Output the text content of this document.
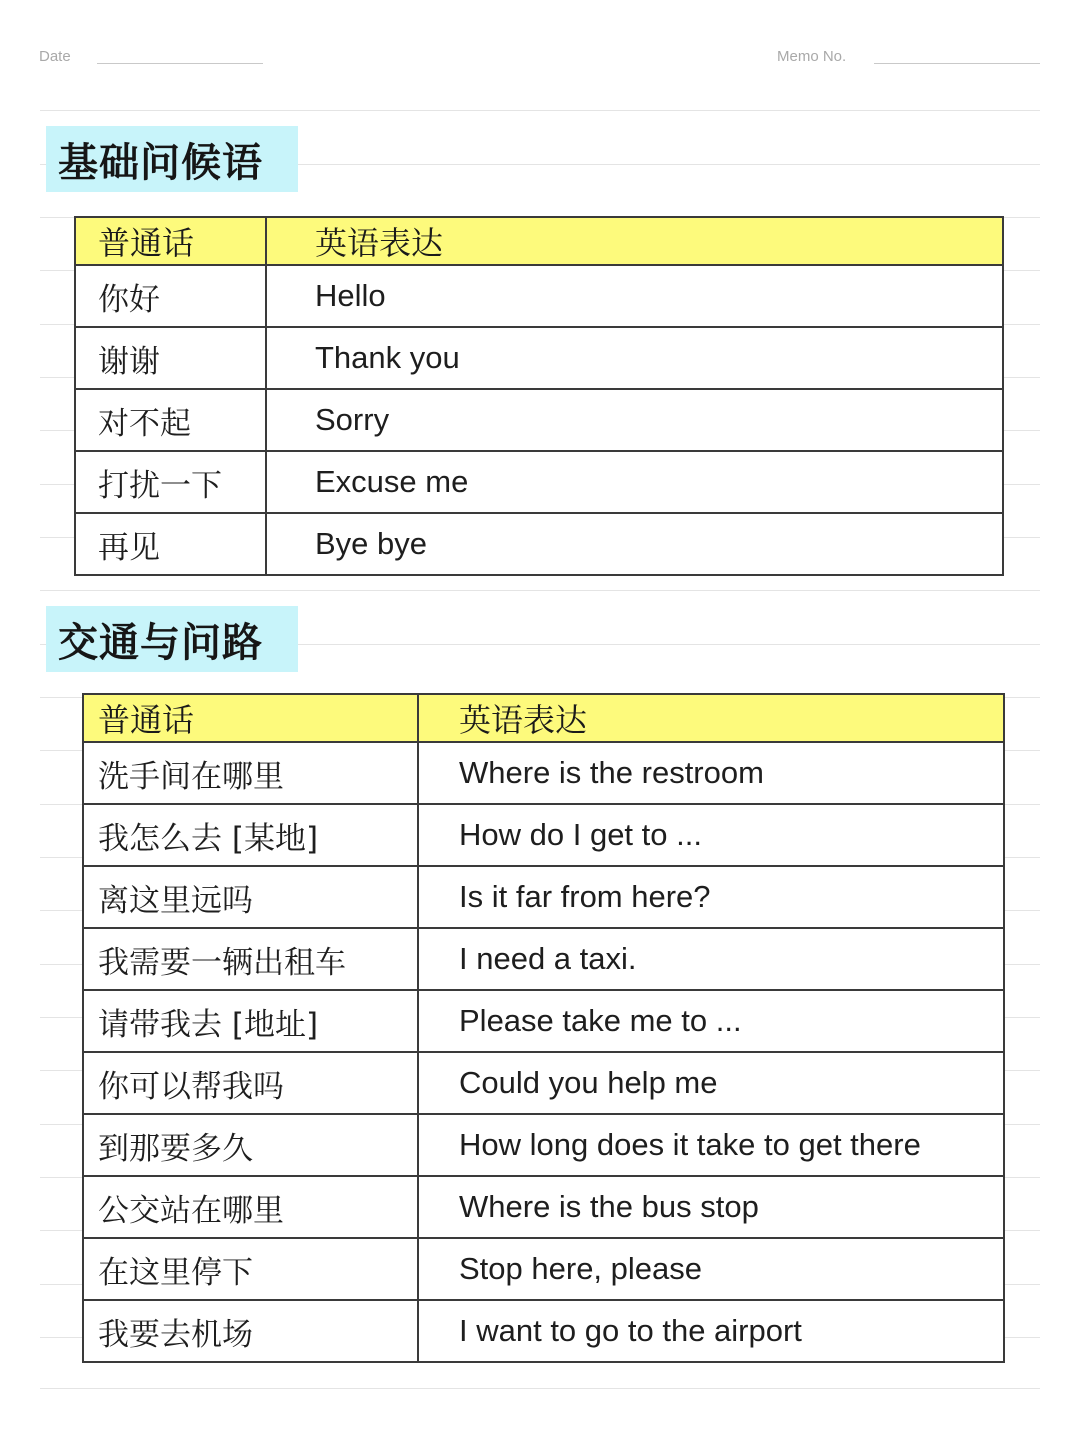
Date	Memo No.
基础问候语
普通话	英语表达
你好	Hello
谢谢	Thank you
对不起	Sorry
打扰一下	Excuse me
再见	Bye bye
交通与问路
普通话	英语表达
洗手间在哪里	Where is the restroom
我怎么去 [某地]	How do I get to ...
离这里远吗	Is it far from here?
我需要一辆出租车	I need a taxi.
请带我去 [地址]	Please take me to ...
你可以帮我吗	Could you help me
到那要多久	How long does it take to get there
公交站在哪里	Where is the bus stop
在这里停下	Stop here, please
我要去机场	I want to go to the airport
